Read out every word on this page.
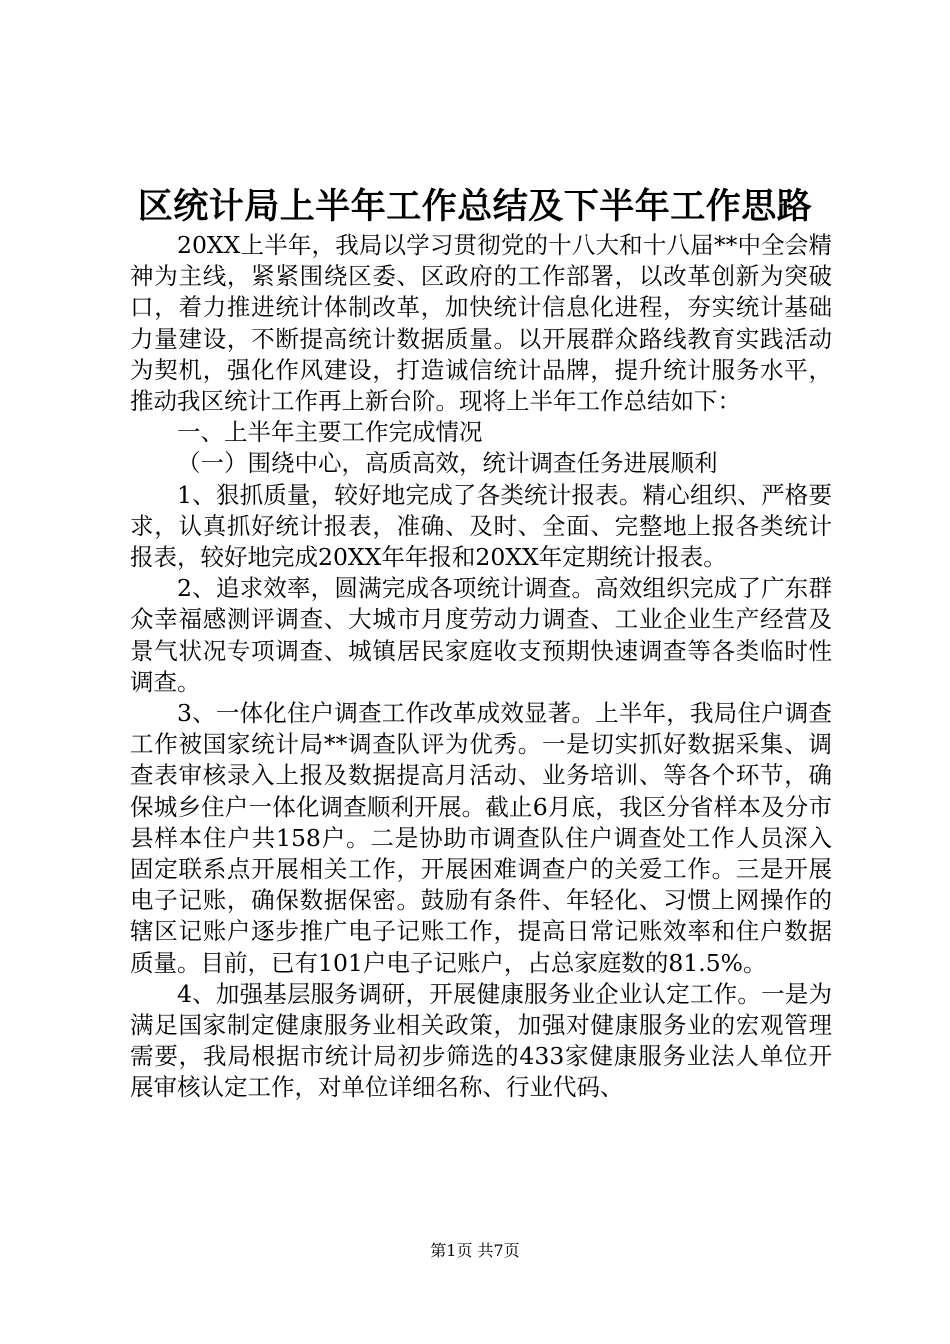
区统计局上半年工作总结及下半年工作思路

20XX上半年，我局以学习贯彻党的十八大和十八届**中全会精神为主线，紧紧围绕区委、区政府的工作部署，以改革创新为突破口，着力推进统计体制改革，加快统计信息化进程，夯实统计基础力量建设，不断提高统计数据质量。以开展群众路线教育实践活动为契机，强化作风建设，打造诚信统计品牌，提升统计服务水平，推动我区统计工作再上新台阶。现将上半年工作总结如下：

一、上半年主要工作完成情况

（一）围绕中心，高质高效，统计调查任务进展顺利

1、狠抓质量，较好地完成了各类统计报表。精心组织、严格要求，认真抓好统计报表，准确、及时、全面、完整地上报各类统计报表，较好地完成20XX年年报和20XX年定期统计报表。

2、追求效率，圆满完成各项统计调查。高效组织完成了广东群众幸福感测评调查、大城市月度劳动力调查、工业企业生产经营及景气状况专项调查、城镇居民家庭收支预期快速调查等各类临时性调查。

3、一体化住户调查工作改革成效显著。上半年，我局住户调查工作被国家统计局**调查队评为优秀。一是切实抓好数据采集、调查表审核录入上报及数据提高月活动、业务培训、等各个环节，确保城乡住户一体化调查顺利开展。截止6月底，我区分省样本及分市县样本住户共158户。二是协助市调查队住户调查处工作人员深入固定联系点开展相关工作，开展困难调查户的关爱工作。三是开展电子记账，确保数据保密。鼓励有条件、年轻化、习惯上网操作的辖区记账户逐步推广电子记账工作，提高日常记账效率和住户数据质量。目前，已有101户电子记账户，占总家庭数的81.5%。

4、加强基层服务调研，开展健康服务业企业认定工作。一是为满足国家制定健康服务业相关政策，加强对健康服务业的宏观管理需要，我局根据市统计局初步筛选的433家健康服务业法人单位开展审核认定工作，对单位详细名称、行业代码、

第1页 共7页
